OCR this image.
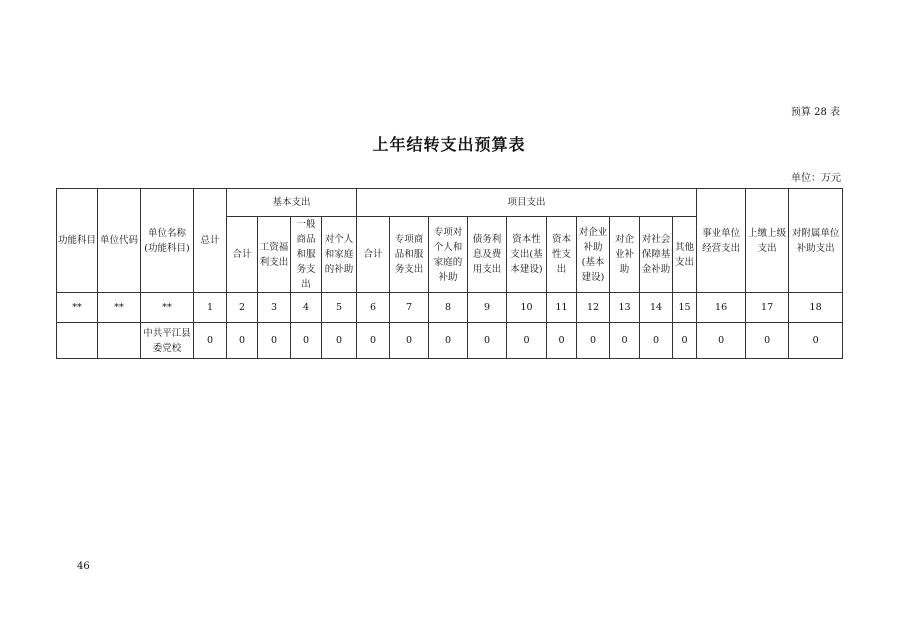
预算 28 表
上年结转支出预算表
单位：万元
功能科目	单位代码	单位名称
(功能科目)	总计	基本支出				项目支出										事业单位经营支出	上缴上级支出	对附属单位补助支出

				合计	工资福利支出	一般商品和服务支出	对个人和家庭的补助	合计	专项商品和服务支出	专项对个人和家庭的补助	债务利息及费用支出	资本性支出(基本建设)	资本性支出	对企业补助(基本建设)	对企业补助	对社会保障基金补助	其他支出			

**	**	**	1	2	3	4	5	6	7	8	9	10	11	12	13	14	15	16	17	18

		中共平江县委党校	0	0	0	0	0	0	0	0	0	0	0	0	0	0	0	0	0	0
46
